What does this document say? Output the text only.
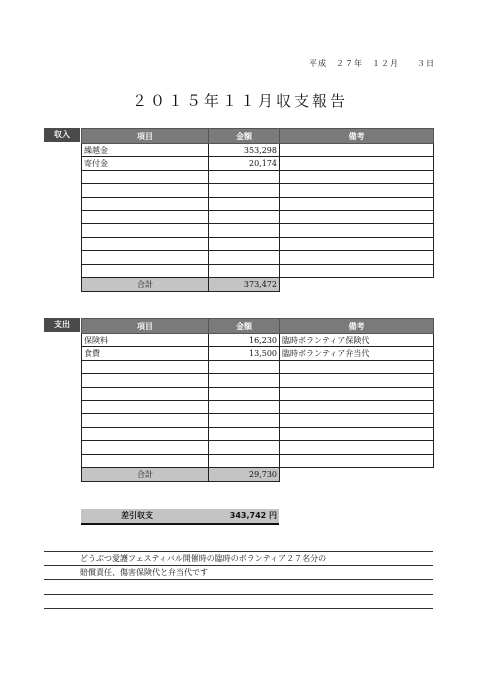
平成　２７年　１２月　　３日
２０１５年１１月収支報告
収入	項目	金額	備考
繰越金	353,298	
寄付金	20,174	

合計	373,472	
支出	項目	金額	備考
保険料	16,230	臨時ボランティア保険代
食費	13,500	臨時ボランティア弁当代

合計	29,730	
差引収支	343,742 円
どうぶつ愛護フェスティバル開催時の臨時のボランティア２７名分の
賠償責任、傷害保険代と弁当代です
